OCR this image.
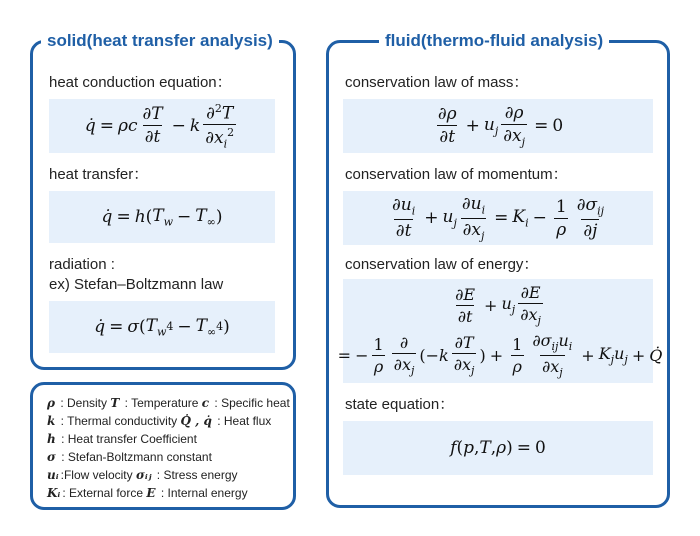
solid(heat transfer analysis)
heat conduction equation：
q̇ = ρc $\frac{\partial T}{\partial t} - k \frac{\partial^2T}{\partial x_i^2}$
heat transfer：
q̇ = h ( $T_w - T_\infty$ )
radiation :
ex) Stefan–Boltzmann law
q̇ = σ ( $T_w$ $4 - T_\infty$ 4 )
ρ : Density T : Temperature c : Specific heat
k : Thermal conductivity Q̇ , q̇ : Heat flux
h : Heat transfer Coefficient
σ : Stefan-Boltzmann constant
uᵢ :Flow velocity σᵢⱼ : Stress energy
Kᵢ : External force E : Internal energy
fluid(thermo-fluid analysis)
conservation law of mass：
$\frac{\partial\rho}{\partial t} + u_j \frac{\partial\rho}{\partial x_j} = 0$
conservation law of momentum：
$\frac{\partial u_i}{\partial t} + u_j \frac{\partial u_i}{\partial x_j} = K_i - \frac{1}{\rho} \frac{\partial\sigma_{ij}}{\partial j}$
conservation law of energy：
$\frac{\partial E}{\partial t} + u_j \frac{\partial E}{\partial x_j}$
= − $\frac{1}{\rho} \frac{\partial}{\partial x_j}$ ( − k $\frac{\partial T}{\partial x_j}$ ) + $\frac{1}{\rho} \frac{\partial\sigma_{ij}u_i}{\partial x_j} + K_ju_j$ + Q̇
state equation：
f ( p , T , ρ ) = 0
